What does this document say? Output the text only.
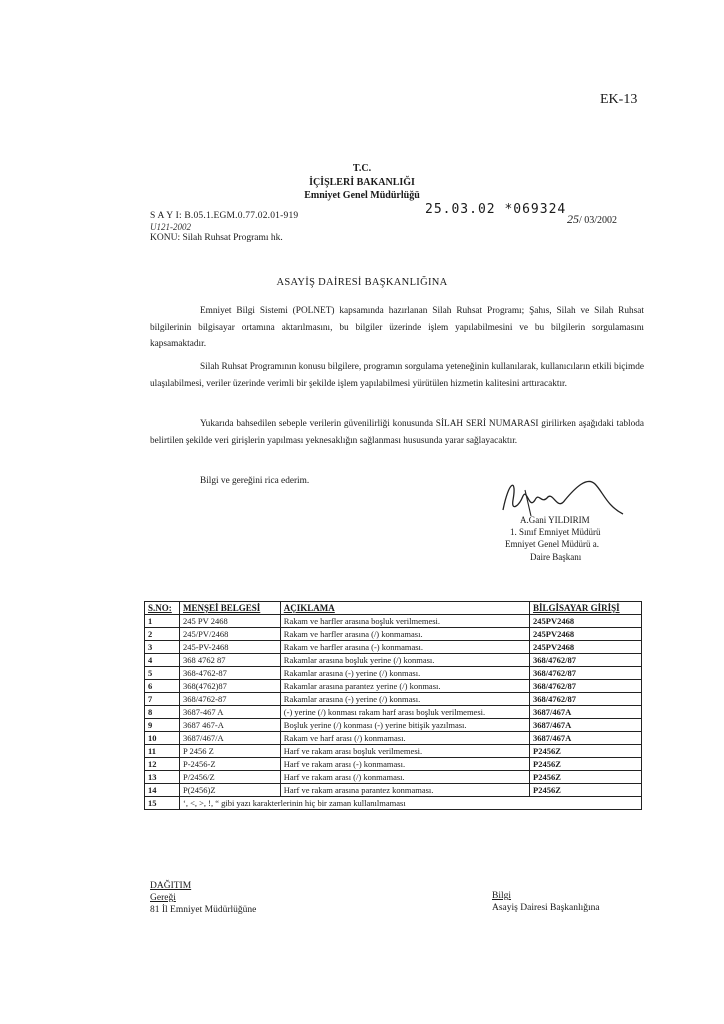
EK-13
T.C.
İÇİŞLERİ BAKANLIĞI
Emniyet Genel Müdürlüğü
S A Y I: B.05.1.EGM.0.77.02.01-919
U121-2002
KONU: Silah Ruhsat Programı hk.
25.03.02 *069324
25/ 03/2002
ASAYİŞ DAİRESİ BAŞKANLIĞINA
Emniyet Bilgi Sistemi (POLNET) kapsamında hazırlanan Silah Ruhsat Programı; Şahıs, Silah ve Silah Ruhsat bilgilerinin bilgisayar ortamına aktarılmasını, bu bilgiler üzerinde işlem yapılabilmesini ve bu bilgilerin sorgulamasını kapsamaktadır.
Silah Ruhsat Programının konusu bilgilere, programın sorgulama yeteneğinin kullanılarak, kullanıcıların etkili biçimde ulaşılabilmesi, veriler üzerinde verimli bir şekilde işlem yapılabilmesi yürütülen hizmetin kalitesini arttıracaktır.
Yukarıda bahsedilen sebeple verilerin güvenilirliği konusunda SİLAH SERİ NUMARASI girilirken aşağıdaki tabloda belirtilen şekilde veri girişlerin yapılması yeknesaklığın sağlanması hususunda yarar sağlayacaktır.
Bilgi ve gereğini rica ederim.
A.Gani YILDIRIM
1. Sınıf Emniyet Müdürü
Emniyet Genel Müdürü a.
Daire Başkanı
S.NO:	MENŞEİ BELGESİ	AÇIKLAMA	BİLGİSAYAR GİRİŞİ
1	245 PV 2468	Rakam ve harfler arasına boşluk verilmemesi.	245PV2468
2	245/PV/2468	Rakam ve harfler arasına (/) konmaması.	245PV2468
3	245-PV-2468	Rakam ve harfler arasına (-) konmaması.	245PV2468
4	368 4762 87	Rakamlar arasına boşluk yerine (/) konması.	368/4762/87
5	368-4762-87	Rakamlar arasına (-) yerine (/) konması.	368/4762/87
6	368(4762)87	Rakamlar arasına parantez yerine (/) konması.	368/4762/87
7	368/4762-87	Rakamlar arasına (-) yerine (/) konması.	368/4762/87
8	3687-467 A	(-) yerine (/) konması rakam harf arası boşluk verilmemesi.	3687/467A
9	3687 467-A	Boşluk yerine (/) konması (-) yerine bitişik yazılması.	3687/467A
10	3687/467/A	Rakam ve harf arası (/) konmaması.	3687/467A
11	P 2456 Z	Harf ve rakam arası boşluk verilmemesi.	P2456Z
12	P-2456-Z	Harf ve rakam arası (-) konmaması.	P2456Z
13	P/2456/Z	Harf ve rakam arası (/) konmaması.	P2456Z
14	P(2456)Z	Harf ve rakam arasına parantez konmaması.	P2456Z
15	‘, <, >, !, “ gibi yazı karakterlerinin hiç bir zaman kullanılmaması		
DAĞITIM
Gereği
81 İl Emniyet Müdürlüğüne
Bilgi
Asayiş Dairesi Başkanlığına
